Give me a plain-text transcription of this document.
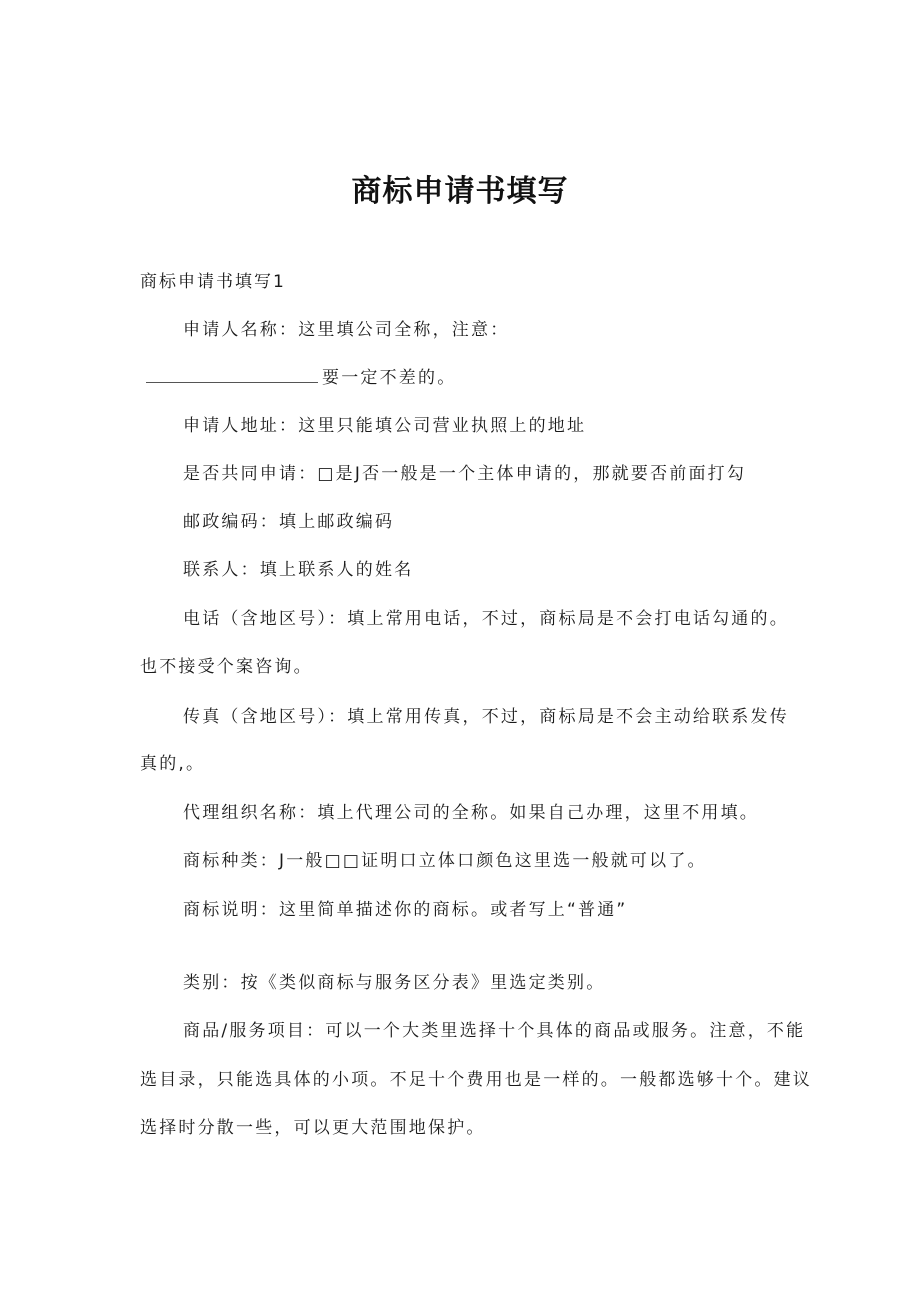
商标申请书填写
商标申请书填写1
申请人名称：这里填公司全称，注意：
要一定不差的。
申请人地址：这里只能填公司营业执照上的地址
是否共同申请：□是J否一般是一个主体申请的，那就要否前面打勾
邮政编码：填上邮政编码
联系人：填上联系人的姓名
电话（含地区号）：填上常用电话，不过，商标局是不会打电话勾通的。
也不接受个案咨询。
传真（含地区号）：填上常用传真，不过，商标局是不会主动给联系发传
真的,。
代理组织名称：填上代理公司的全称。如果自己办理，这里不用填。
商标种类：J一般□□证明口立体口颜色这里选一般就可以了。
商标说明：这里简单描述你的商标。或者写上“普通”
类别：按《类似商标与服务区分表》里选定类别。
商品/服务项目：可以一个大类里选择十个具体的商品或服务。注意，不能
选目录，只能选具体的小项。不足十个费用也是一样的。一般都选够十个。建议
选择时分散一些，可以更大范围地保护。
